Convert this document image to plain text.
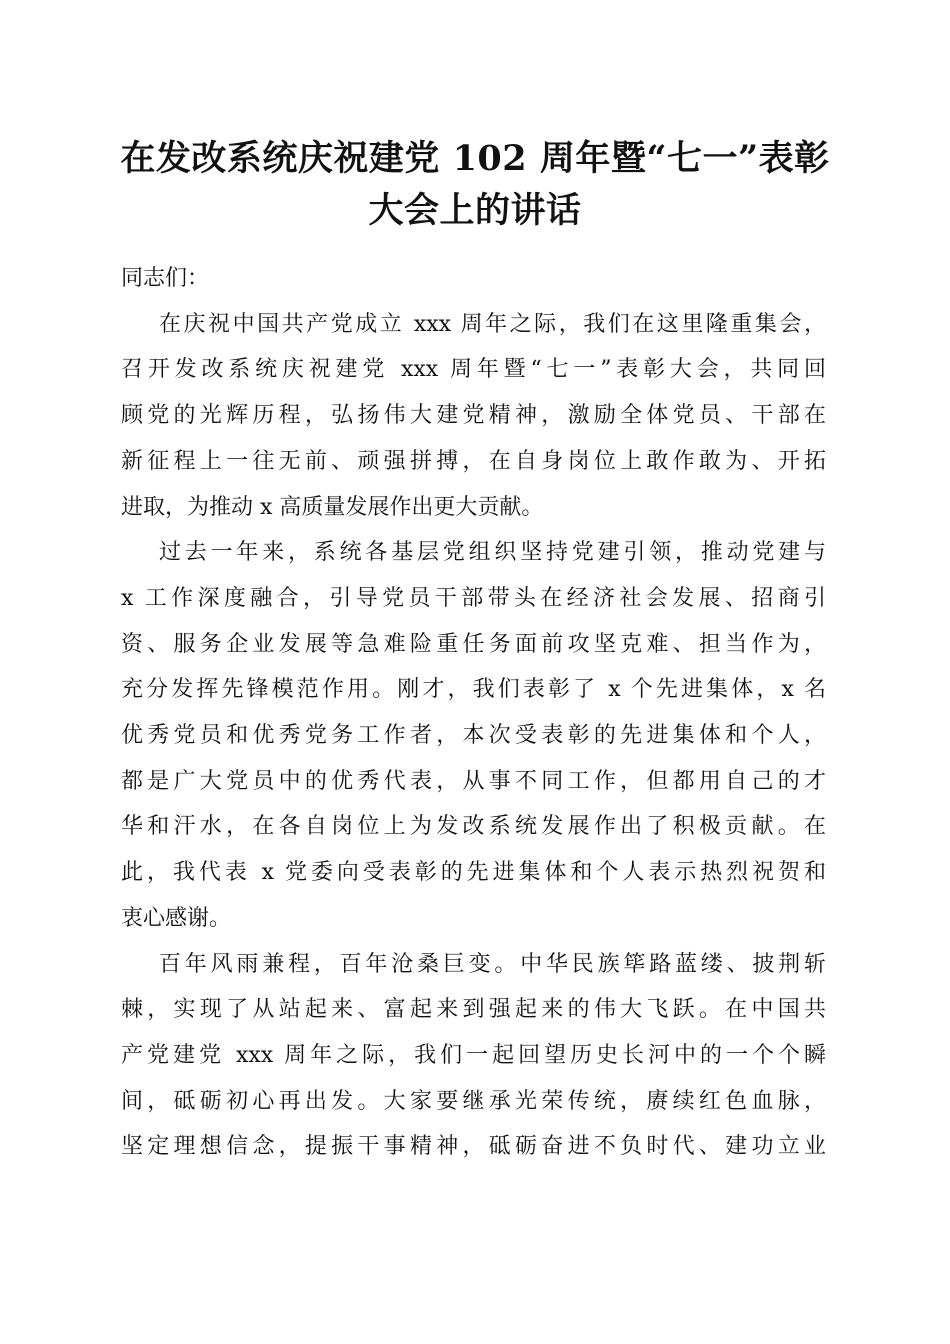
在发改系统庆祝建党 102 周年暨“七一”表彰
大会上的讲话

同志们：

在庆祝中国共产党成立 xxx 周年之际，我们在这里隆重集会，
召开发改系统庆祝建党 xxx 周年暨“七一”表彰大会，共同回
顾党的光辉历程，弘扬伟大建党精神，激励全体党员、干部在
新征程上一往无前、顽强拼搏，在自身岗位上敢作敢为、开拓
进取，为推动 x 高质量发展作出更大贡献。

过去一年来，系统各基层党组织坚持党建引领，推动党建与
x 工作深度融合，引导党员干部带头在经济社会发展、招商引
资、服务企业发展等急难险重任务面前攻坚克难、担当作为，
充分发挥先锋模范作用。刚才，我们表彰了 x 个先进集体，x 名
优秀党员和优秀党务工作者，本次受表彰的先进集体和个人，
都是广大党员中的优秀代表，从事不同工作，但都用自己的才
华和汗水，在各自岗位上为发改系统发展作出了积极贡献。在
此，我代表 x 党委向受表彰的先进集体和个人表示热烈祝贺和
衷心感谢。

百年风雨兼程，百年沧桑巨变。中华民族筚路蓝缕、披荆斩
棘，实现了从站起来、富起来到强起来的伟大飞跃。在中国共
产党建党 xxx 周年之际，我们一起回望历史长河中的一个个瞬
间，砥砺初心再出发。大家要继承光荣传统，赓续红色血脉，
坚定理想信念，提振干事精神，砥砺奋进不负时代、建功立业
